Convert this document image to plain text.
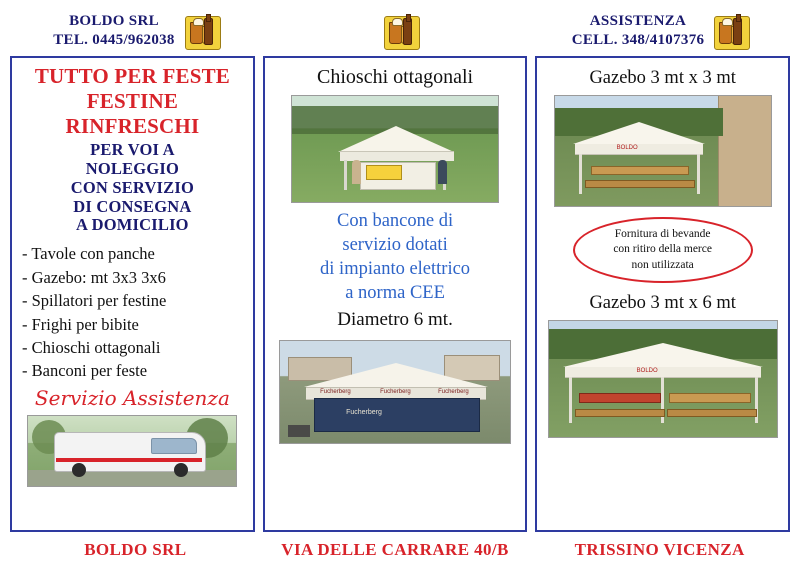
BOLDO SRL
TEL. 0445/962038
ASSISTENZA
CELL. 348/4107376
TUTTO PER FESTE
FESTINE
RINFRESCHI
PER VOI A
NOLEGGIO
CON SERVIZIO
DI CONSEGNA
A DOMICILIO
- Tavole con panche
- Gazebo: mt 3x3 3x6
- Spillatori per festine
- Frighi per bibite
- Chioschi ottagonali
- Banconi per feste
Servizio Assistenza
Chioschi ottagonali
Con bancone di
servizio dotati
di impianto elettrico
a norma CEE
Diametro 6 mt.
Fucherberg	Fucherberg	Fucherberg
Fucherberg
Gazebo 3 mt x 3 mt
BOLDO
Fornitura di bevande
con ritiro della merce
non utilizzata
Gazebo 3 mt x 6 mt
BOLDO
BOLDO SRL	VIA DELLE CARRARE 40/B	TRISSINO VICENZA
